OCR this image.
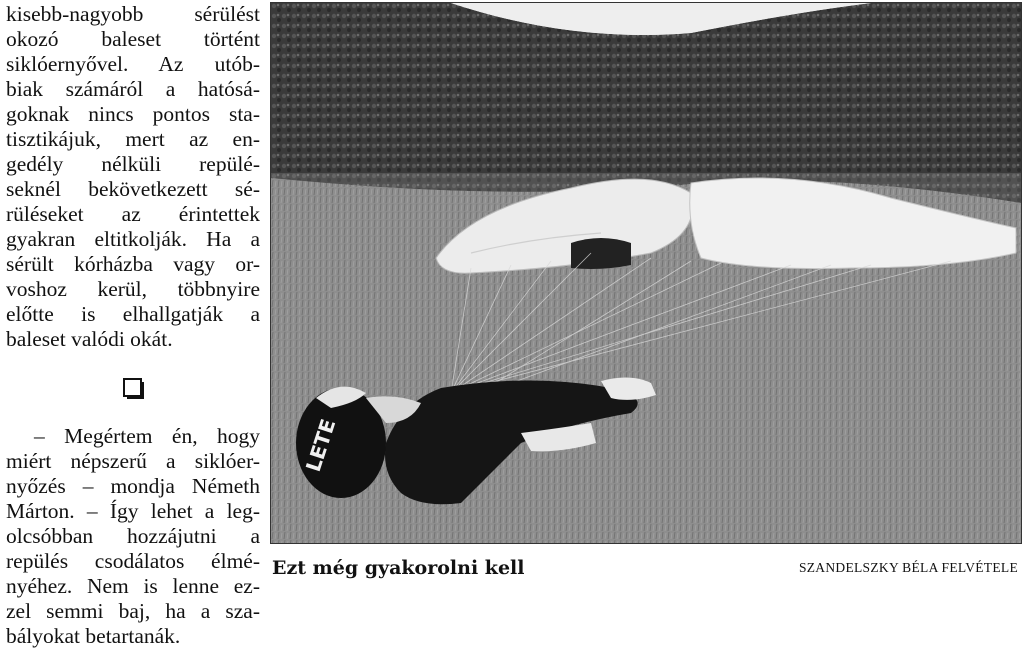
kisebb-nagyobb sérülést
okozó baleset történt
siklóernyővel. Az utób-
biak számáról a hatósá-
goknak nincs pontos sta-
tisztikájuk, mert az en-
gedély nélküli repülé-
seknél bekövetkezett sé-
rüléseket az érintettek
gyakran eltitkolják. Ha a
sérült kórházba vagy or-
voshoz kerül, többnyire
előtte is elhallgatják a
baleset valódi okát.
– Megértem én, hogy
miért népszerű a siklóer-
nyőzés – mondja Németh
Márton. – Így lehet a leg-
olcsóbban hozzájutni a
repülés csodálatos élmé-
nyéhez. Nem is lenne ez-
zel semmi baj, ha a sza-
bályokat betartanák.
LETE
Ezt még gyakorolni kell	SZANDELSZKY BÉLA FELVÉTELE
